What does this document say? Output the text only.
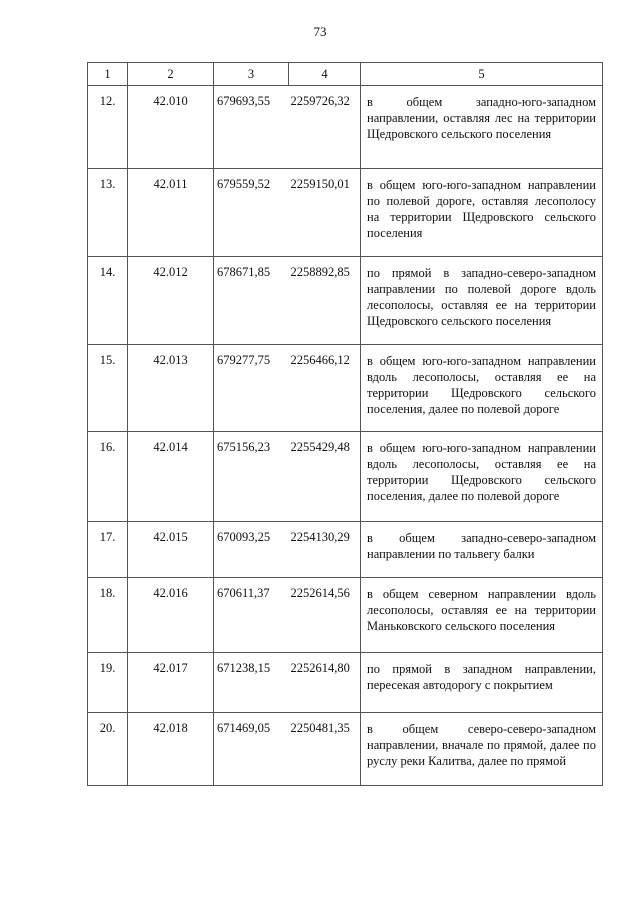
73
1	2	3	4	5
12.	42.010	679693,55	2259726,32	в общем западно-юго-западном направлении, оставляя лес на территории Щедровского сельского поселения
13.	42.011	679559,52	2259150,01	в общем юго-юго-западном направлении по полевой дороге, оставляя лесополосу на территории Щедровского сельского поселения
14.	42.012	678671,85	2258892,85	по прямой в западно-северо-западном направлении по полевой дороге вдоль лесополосы, оставляя ее на территории Щедровского сельского поселения
15.	42.013	679277,75	2256466,12	в общем юго-юго-западном направлении вдоль лесополосы, оставляя ее на территории Щедровского сельского поселения, далее по полевой дороге
16.	42.014	675156,23	2255429,48	в общем юго-юго-западном направлении вдоль лесополосы, оставляя ее на территории Щедровского сельского поселения, далее по полевой дороге
17.	42.015	670093,25	2254130,29	в общем западно-северо-западном направлении по тальвегу балки
18.	42.016	670611,37	2252614,56	в общем северном направлении вдоль лесополосы, оставляя ее на территории Маньковского сельского поселения
19.	42.017	671238,15	2252614,80	по прямой в западном направлении, пересекая автодорогу с покрытием
20.	42.018	671469,05	2250481,35	в общем северо-северо-западном направлении, вначале по прямой, далее по руслу реки Калитва, далее по прямой
